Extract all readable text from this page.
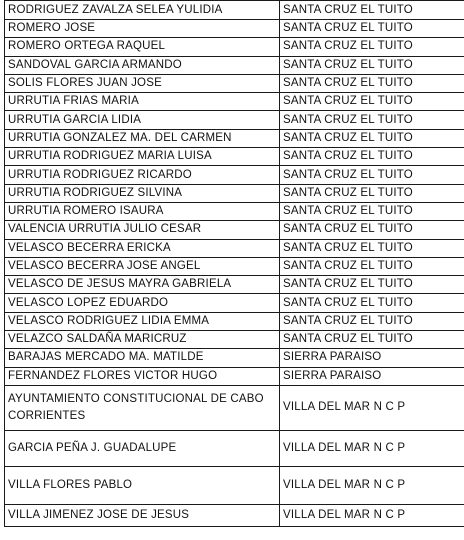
RODRIGUEZ ZAVALZA SELEA YULIDIA	SANTA CRUZ EL TUITO	
ROMERO JOSE	SANTA CRUZ EL TUITO	
ROMERO ORTEGA RAQUEL	SANTA CRUZ EL TUITO	
SANDOVAL GARCIA ARMANDO	SANTA CRUZ EL TUITO	
SOLIS FLORES JUAN JOSE	SANTA CRUZ EL TUITO	
URRUTIA FRIAS MARIA	SANTA CRUZ EL TUITO	
URRUTIA GARCIA LIDIA	SANTA CRUZ EL TUITO	
URRUTIA GONZALEZ MA. DEL CARMEN	SANTA CRUZ EL TUITO	
URRUTIA RODRIGUEZ MARIA LUISA	SANTA CRUZ EL TUITO	
URRUTIA RODRIGUEZ RICARDO	SANTA CRUZ EL TUITO	
URRUTIA RODRIGUEZ SILVINA	SANTA CRUZ EL TUITO	
URRUTIA ROMERO ISAURA	SANTA CRUZ EL TUITO	
VALENCIA URRUTIA JULIO CESAR	SANTA CRUZ EL TUITO	
VELASCO BECERRA ERICKA	SANTA CRUZ EL TUITO	
VELASCO BECERRA JOSE ANGEL	SANTA CRUZ EL TUITO	
VELASCO DE JESUS MAYRA GABRIELA	SANTA CRUZ EL TUITO	
VELASCO LOPEZ EDUARDO	SANTA CRUZ EL TUITO	
VELASCO RODRIGUEZ LIDIA EMMA	SANTA CRUZ EL TUITO	
VELAZCO SALDAÑA MARICRUZ	SANTA CRUZ EL TUITO	
BARAJAS MERCADO MA. MATILDE	SIERRA PARAISO	
FERNANDEZ FLORES VICTOR HUGO	SIERRA PARAISO	
AYUNTAMIENTO CONSTITUCIONAL DE CABO CORRIENTES	VILLA DEL MAR N C P	
GARCIA PEÑA J. GUADALUPE	VILLA DEL MAR N C P	
VILLA FLORES PABLO	VILLA DEL MAR N C P	
VILLA JIMENEZ JOSE DE JESUS	VILLA DEL MAR N C P	
